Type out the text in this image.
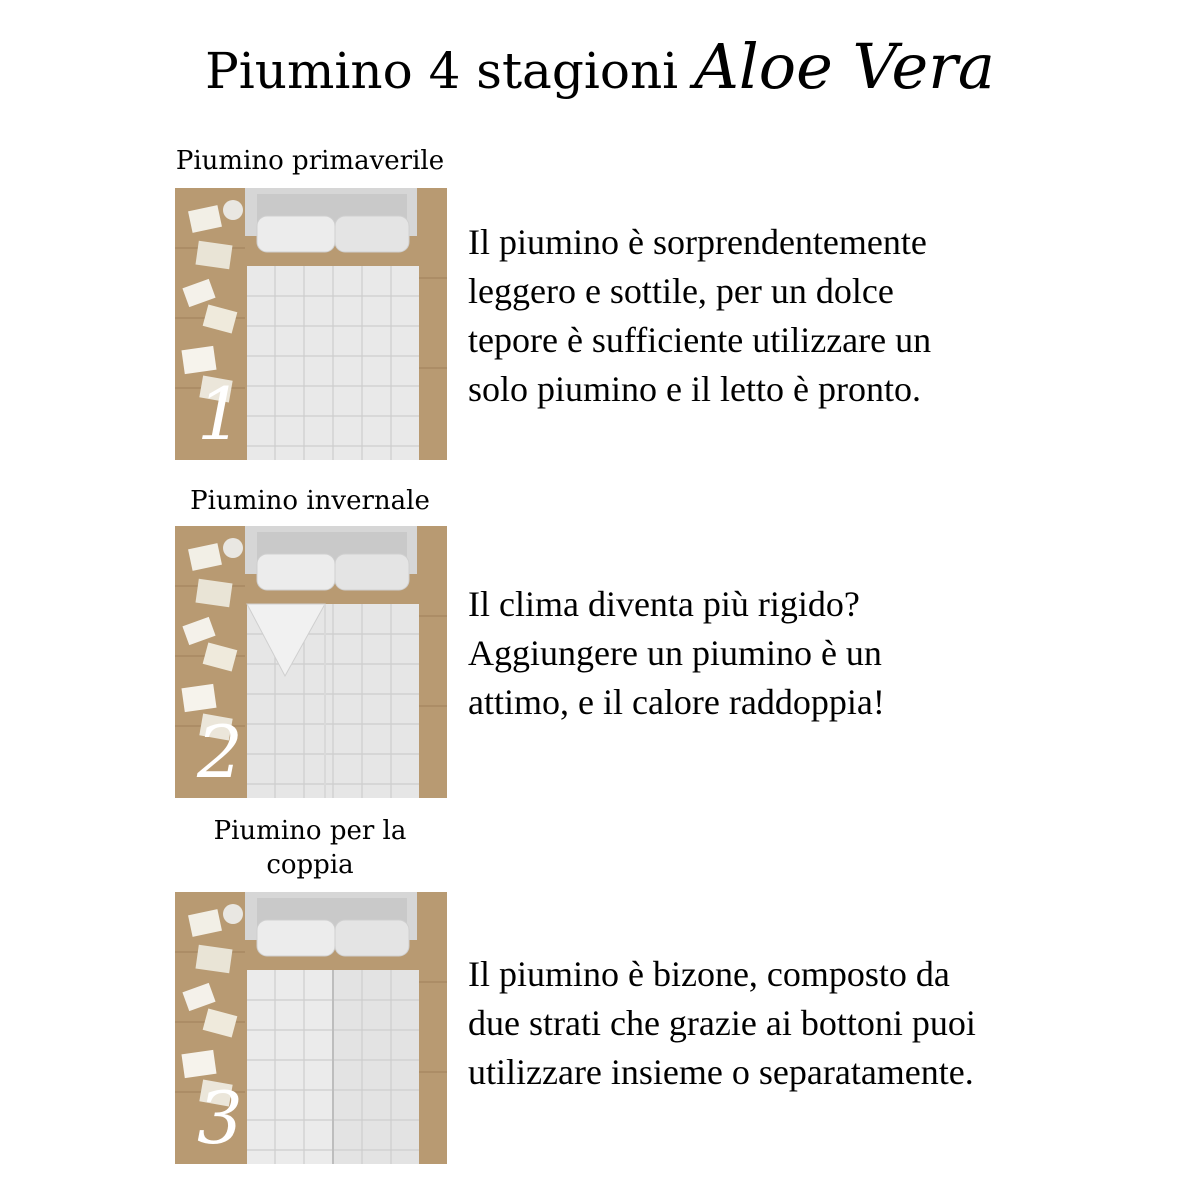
Piumino 4 stagioni Aloe Vera
Piumino primaverile
1
Il piumino è sorprendentemente
leggero e sottile, per un dolce
tepore è sufficiente utilizzare un
solo piumino e il letto è pronto.
Piumino invernale
2
Il clima diventa più rigido?
Aggiungere un piumino è un
attimo, e il calore raddoppia!
Piumino per la
coppia
3
Il piumino è bizone, composto da
due strati che grazie ai bottoni puoi
utilizzare insieme o separatamente.
